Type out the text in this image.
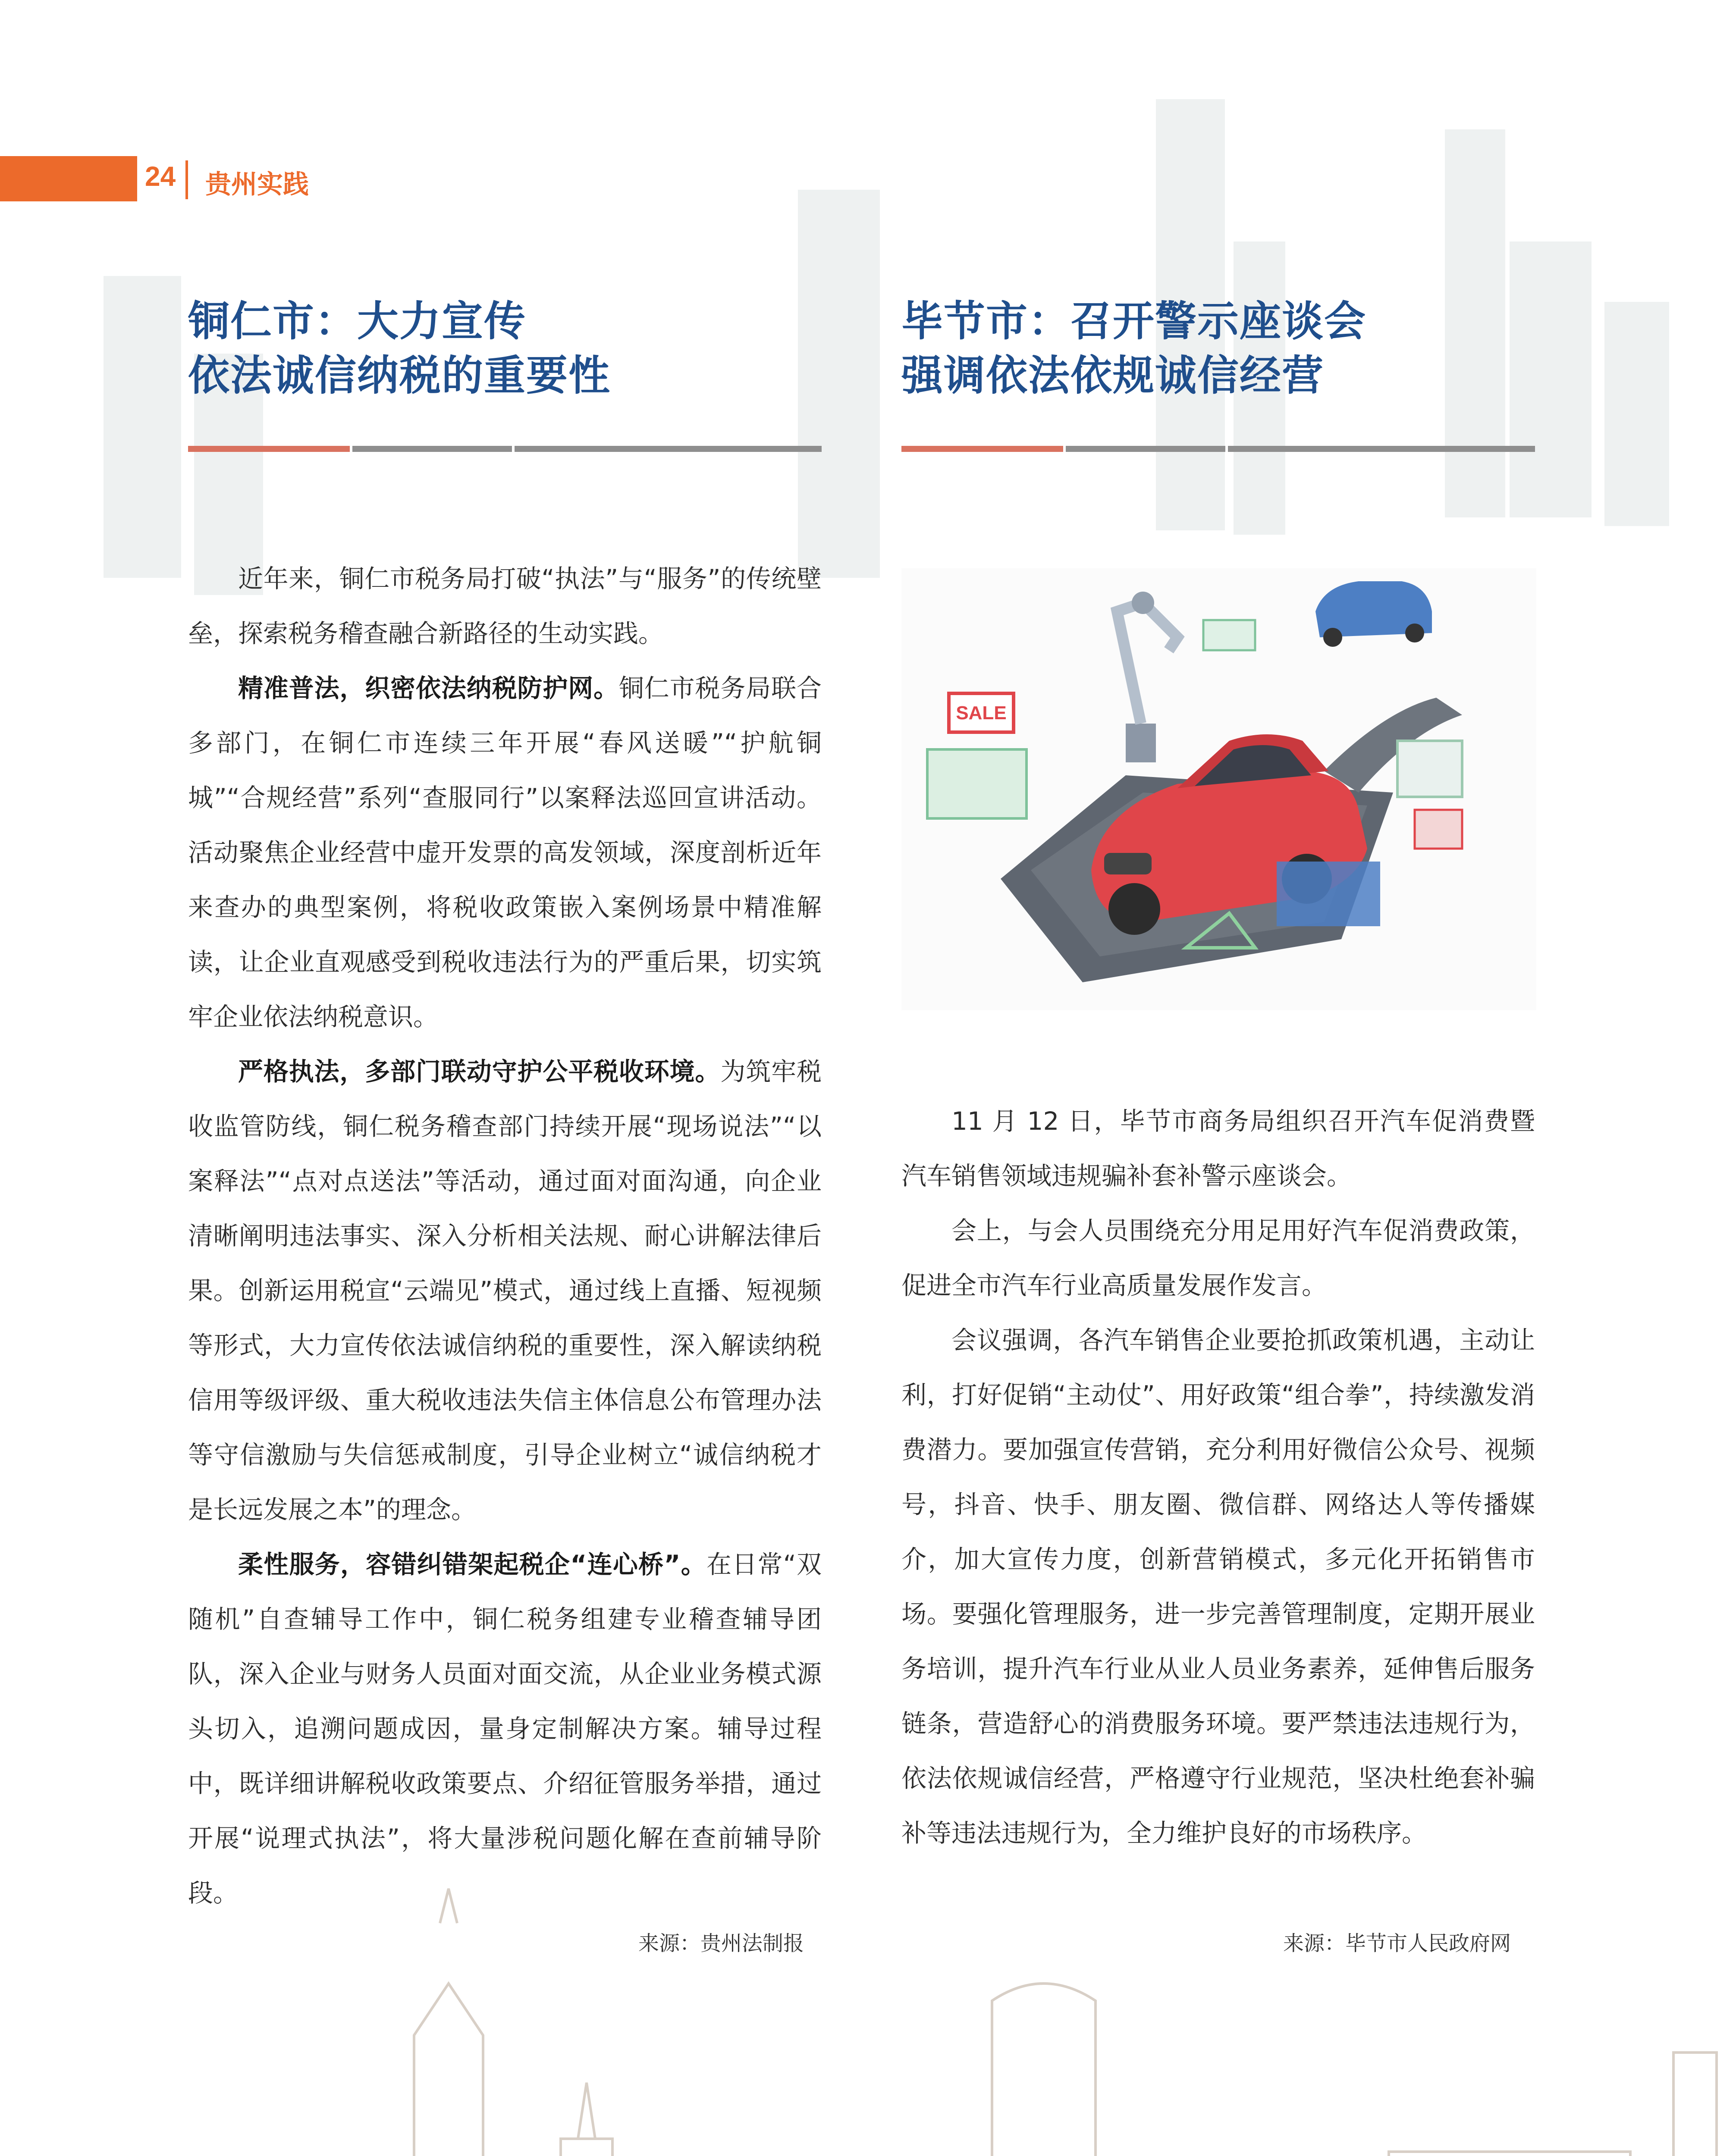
24 贵州实践
铜仁市：大力宣传
依法诚信纳税的重要性

近年来，铜仁市税务局打破“执法”与“服务”的传统壁垒，探索税务稽查融合新路径的生动实践。

精准普法，织密依法纳税防护网。铜仁市税务局联合多部门，在铜仁市连续三年开展“春风送暖”“护航铜城”“合规经营”系列“查服同行”以案释法巡回宣讲活动。活动聚焦企业经营中虚开发票的高发领域，深度剖析近年来查办的典型案例，将税收政策嵌入案例场景中精准解读，让企业直观感受到税收违法行为的严重后果，切实筑牢企业依法纳税意识。

严格执法，多部门联动守护公平税收环境。为筑牢税收监管防线，铜仁税务稽查部门持续开展“现场说法”“以案释法”“点对点送法”等活动，通过面对面沟通，向企业清晰阐明违法事实、深入分析相关法规、耐心讲解法律后果。创新运用税宣“云端见”模式，通过线上直播、短视频等形式，大力宣传依法诚信纳税的重要性，深入解读纳税信用等级评级、重大税收违法失信主体信息公布管理办法等守信激励与失信惩戒制度，引导企业树立“诚信纳税才是长远发展之本”的理念。

柔性服务，容错纠错架起税企“连心桥”。在日常“双随机”自查辅导工作中，铜仁税务组建专业稽查辅导团队，深入企业与财务人员面对面交流，从企业业务模式源头切入，追溯问题成因，量身定制解决方案。辅导过程中，既详细讲解税收政策要点、介绍征管服务举措，通过开展“说理式执法”，将大量涉税问题化解在查前辅导阶段。

来源：贵州法制报
毕节市：召开警示座谈会
强调依法依规诚信经营
SALE

11 月 12 日，毕节市商务局组织召开汽车促消费暨汽车销售领域违规骗补套补警示座谈会。

会上，与会人员围绕充分用足用好汽车促消费政策，促进全市汽车行业高质量发展作发言。

会议强调，各汽车销售企业要抢抓政策机遇，主动让利，打好促销“主动仗”、用好政策“组合拳”，持续激发消费潜力。要加强宣传营销，充分利用好微信公众号、视频号，抖音、快手、朋友圈、微信群、网络达人等传播媒介，加大宣传力度，创新营销模式，多元化开拓销售市场。要强化管理服务，进一步完善管理制度，定期开展业务培训，提升汽车行业从业人员业务素养，延伸售后服务链条，营造舒心的消费服务环境。要严禁违法违规行为，依法依规诚信经营，严格遵守行业规范，坚决杜绝套补骗补等违法违规行为，全力维护良好的市场秩序。

来源：毕节市人民政府网
